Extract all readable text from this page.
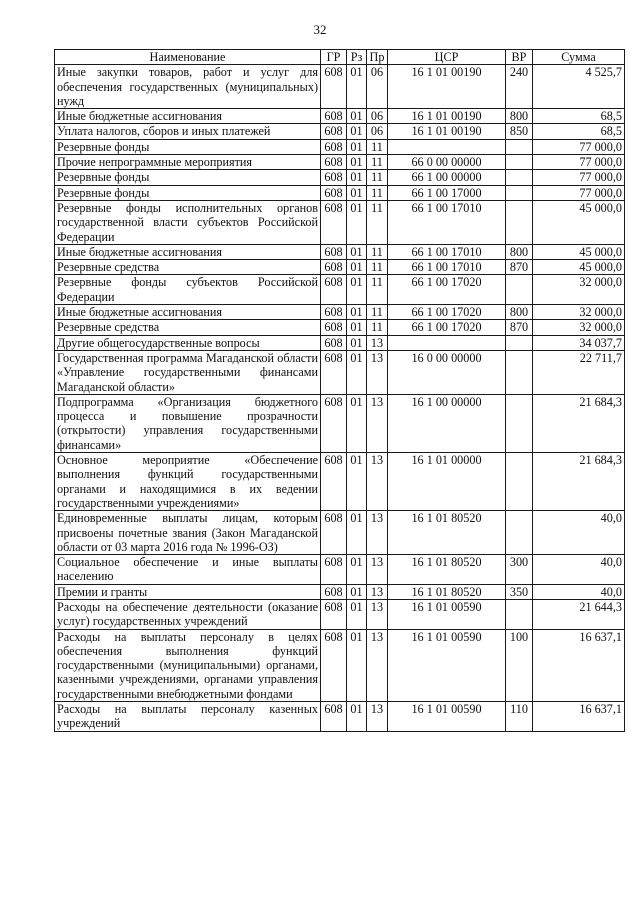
32
Наименование	ГР	Рз	Пр	ЦСР	ВР	Сумма
Иные закупки товаров, работ и услуг для обеспечения государственных (муниципальных) нужд	608	01	06	16 1 01 00190	240	4 525,7
Иные бюджетные ассигнования	608	01	06	16 1 01 00190	800	68,5
Уплата налогов, сборов и иных платежей	608	01	06	16 1 01 00190	850	68,5
Резервные фонды	608	01	11			77 000,0
Прочие непрограммные мероприятия	608	01	11	66 0 00 00000		77 000,0
Резервные фонды	608	01	11	66 1 00 00000		77 000,0
Резервные фонды	608	01	11	66 1 00 17000		77 000,0
Резервные фонды исполнительных органов государственной власти субъектов Российской Федерации	608	01	11	66 1 00 17010		45 000,0
Иные бюджетные ассигнования	608	01	11	66 1 00 17010	800	45 000,0
Резервные средства	608	01	11	66 1 00 17010	870	45 000,0
Резервные фонды субъектов Российской Федерации	608	01	11	66 1 00 17020		32 000,0
Иные бюджетные ассигнования	608	01	11	66 1 00 17020	800	32 000,0
Резервные средства	608	01	11	66 1 00 17020	870	32 000,0
Другие общегосударственные вопросы	608	01	13			34 037,7
Государственная программа Магаданской области «Управление государственными финансами Магаданской области»	608	01	13	16 0 00 00000		22 711,7
Подпрограмма «Организация бюджетного процесса и повышение прозрачности (открытости) управления государственными финансами»	608	01	13	16 1 00 00000		21 684,3
Основное мероприятие «Обеспечение выполнения функций государственными органами и находящимися в их ведении государственными учреждениями»	608	01	13	16 1 01 00000		21 684,3
Единовременные выплаты лицам, которым присвоены почетные звания (Закон Магаданской области от 03 марта 2016 года № 1996-ОЗ)	608	01	13	16 1 01 80520		40,0
Социальное обеспечение и иные выплаты населению	608	01	13	16 1 01 80520	300	40,0
Премии и гранты	608	01	13	16 1 01 80520	350	40,0
Расходы на обеспечение деятельности (оказание услуг) государственных учреждений	608	01	13	16 1 01 00590		21 644,3
Расходы на выплаты персоналу в целях обеспечения выполнения функций государственными (муниципальными) органами, казенными учреждениями, органами управления государственными внебюджетными фондами	608	01	13	16 1 01 00590	100	16 637,1
Расходы на выплаты персоналу казенных учреждений	608	01	13	16 1 01 00590	110	16 637,1
